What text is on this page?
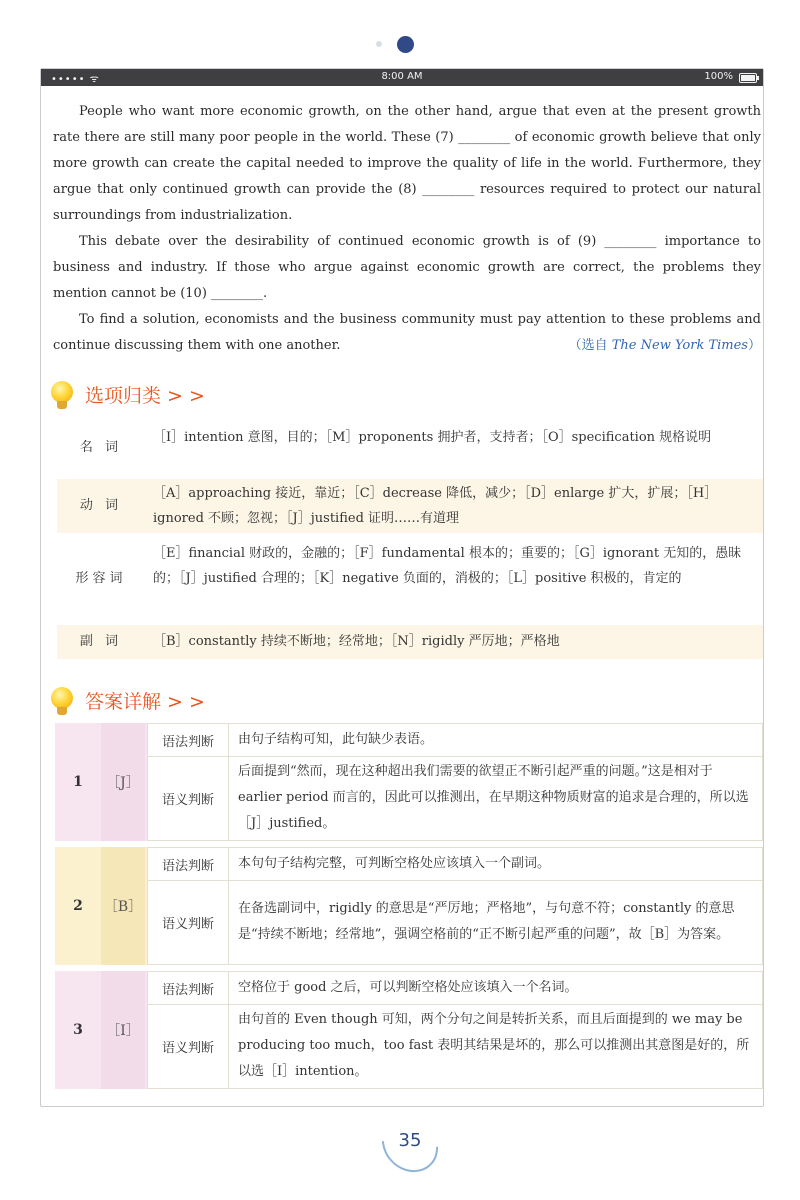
••••• ᯤ	8:00 AM	100%

People who want more economic growth, on the other hand, argue that even at the present growth rate there are still many poor people in the world. These (7) ________ of economic growth believe that only more growth can create the capital needed to improve the quality of life in the world. Furthermore, they argue that only continued growth can provide the (8) ________ resources required to protect our natural surroundings from industrialization.

This debate over the desirability of continued economic growth is of (9) ________ importance to business and industry. If those who argue against economic growth are correct, the problems they mention cannot be (10) ________.

To find a solution, economists and the business community must pay attention to these problems and continue discussing them with one another.	（选自 The New York Times）
选项归类 > >
名 词
［I］intention 意图，目的；［M］proponents 拥护者，支持者；［O］specification 规格说明
动 词
［A］approaching 接近，靠近；［C］decrease 降低，减少；［D］enlarge 扩大，扩展；［H］ignored 不顾；忽视；［J］justified 证明……有道理
形容词
［E］financial 财政的，金融的；［F］fundamental 根本的；重要的；［G］ignorant 无知的，愚昧的；［J］justified 合理的；［K］negative 负面的，消极的；［L］positive 积极的，肯定的
副 词	［B］constantly 持续不断地；经常地；［N］rigidly 严厉地；严格地
答案详解 > >
1	［J］
语法判断	由句子结构可知，此句缺少表语。
语义判断
后面提到“然而，现在这种超出我们需要的欲望正不断引起严重的问题。”这是相对于 earlier period 而言的，因此可以推测出，在早期这种物质财富的追求是合理的，所以选［J］justified。
2	［B］
语法判断	本句句子结构完整，可判断空格处应该填入一个副词。
语义判断
在备选副词中，rigidly 的意思是“严厉地；严格地”，与句意不符；constantly 的意思是“持续不断地；经常地”，强调空格前的“正不断引起严重的问题”，故［B］为答案。
3	［I］
语法判断	空格位于 good 之后，可以判断空格处应该填入一个名词。
语义判断
由句首的 Even though 可知，两个分句之间是转折关系，而且后面提到的 we may be producing too much，too fast 表明其结果是坏的，那么可以推测出其意图是好的，所以选［I］intention。
35
